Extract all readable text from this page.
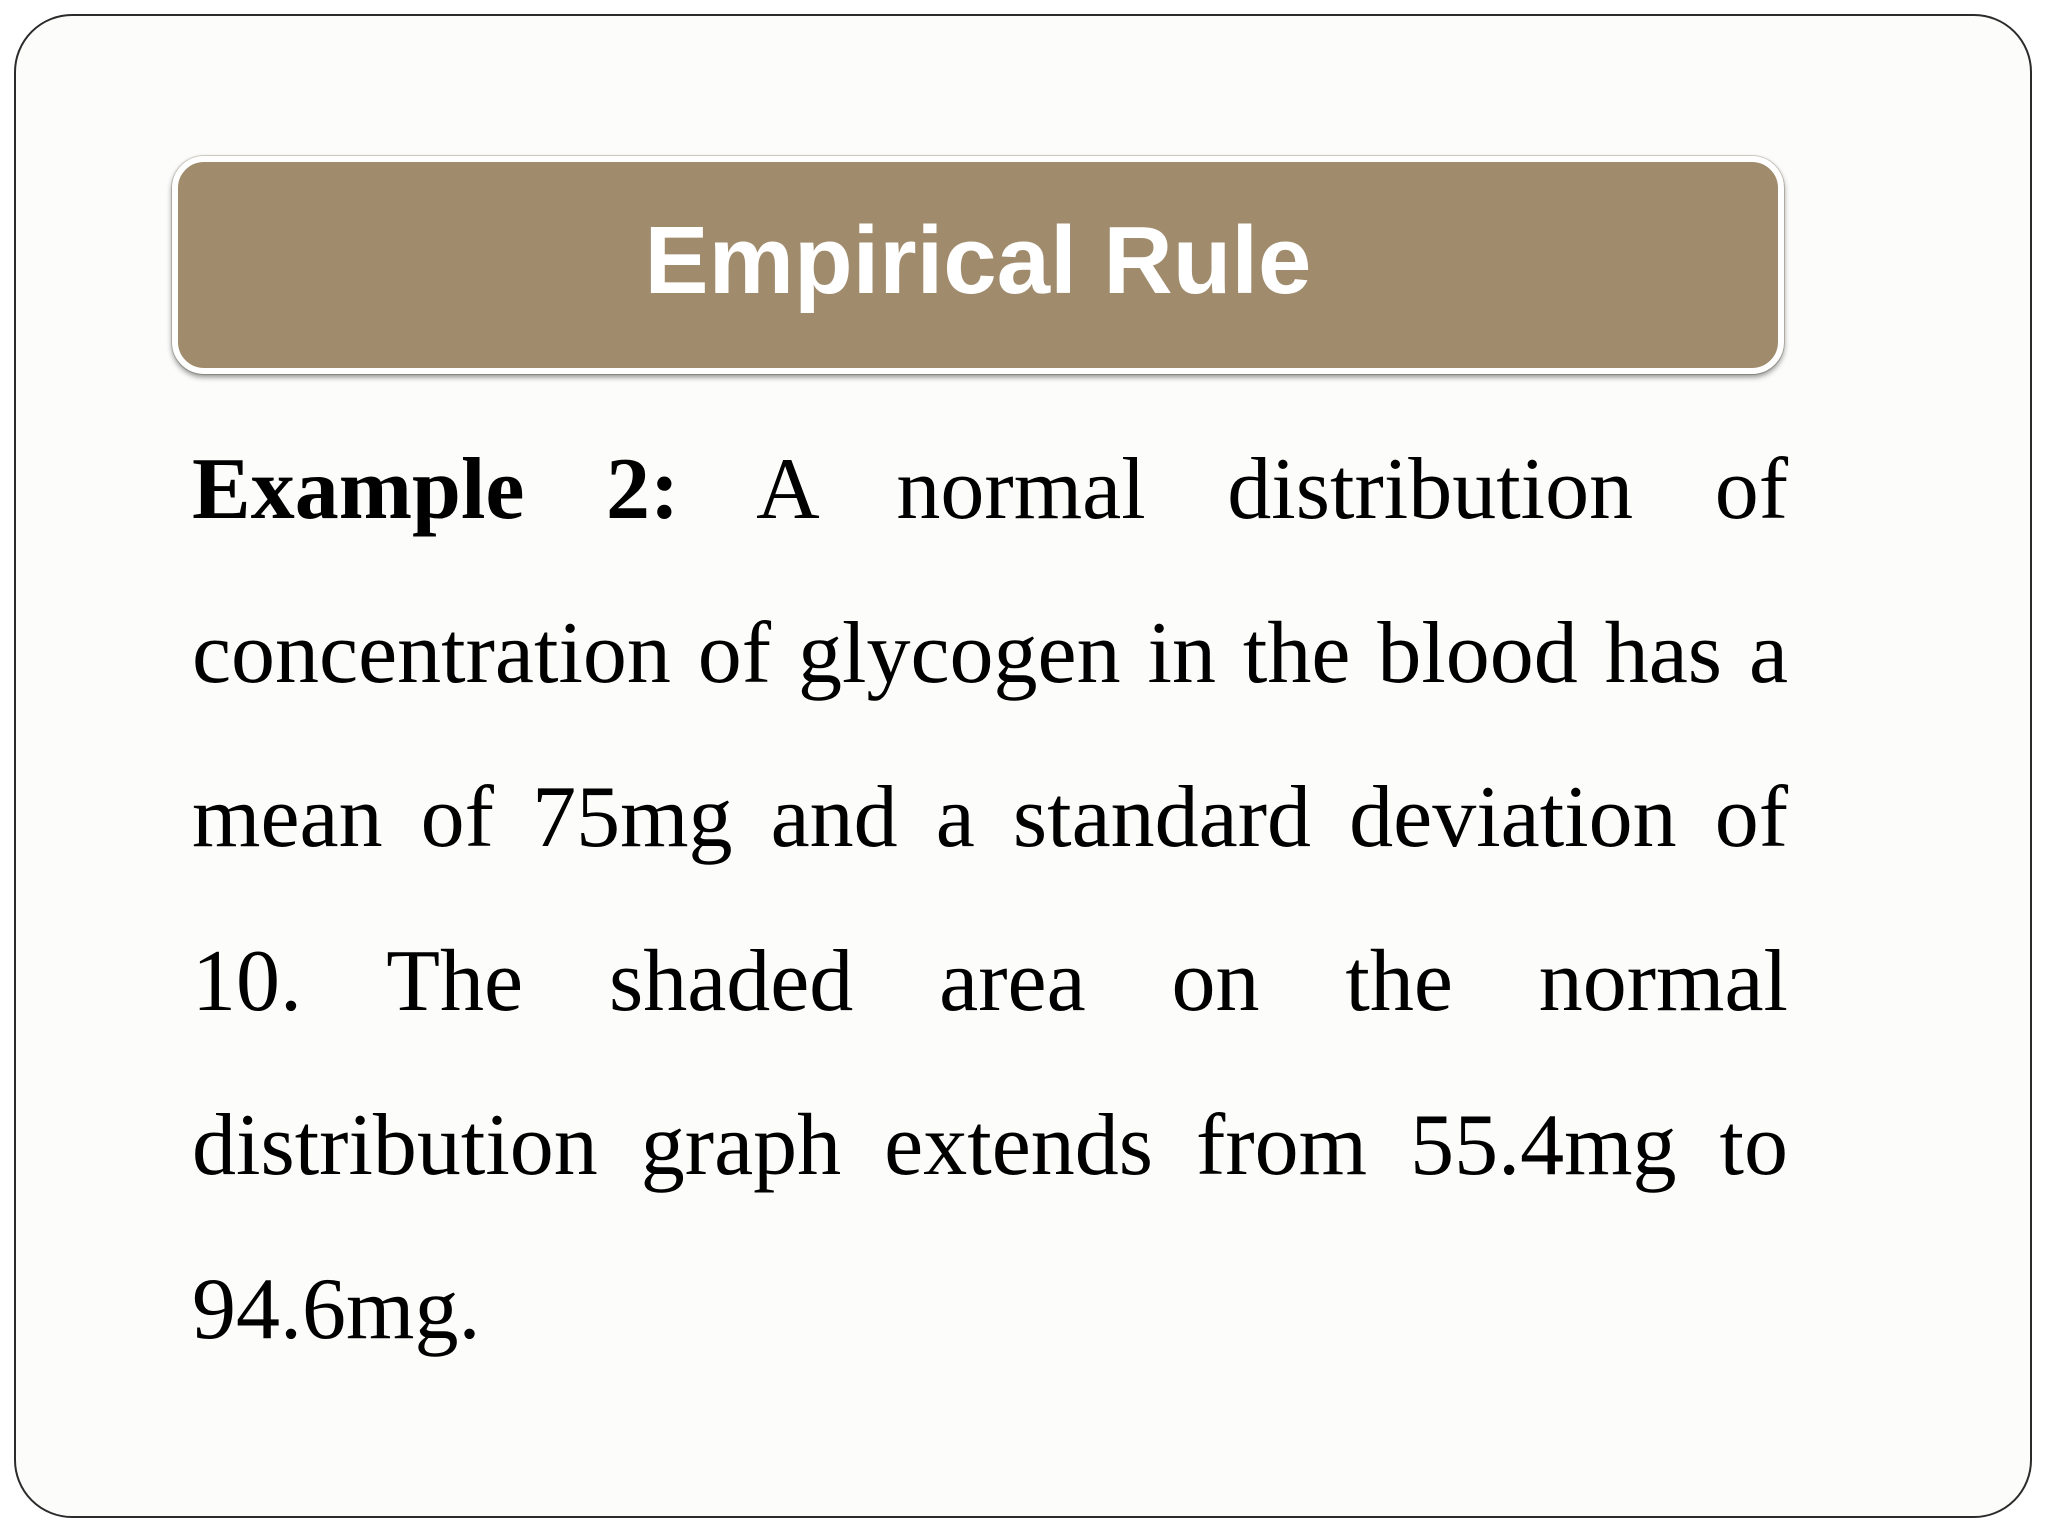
Empirical Rule

Example 2: A normal distribution of concentration of glycogen in the blood has a mean of 75mg and a standard deviation of 10. The shaded area on the normal distribution graph extends from 55.4mg to 94.6mg.
